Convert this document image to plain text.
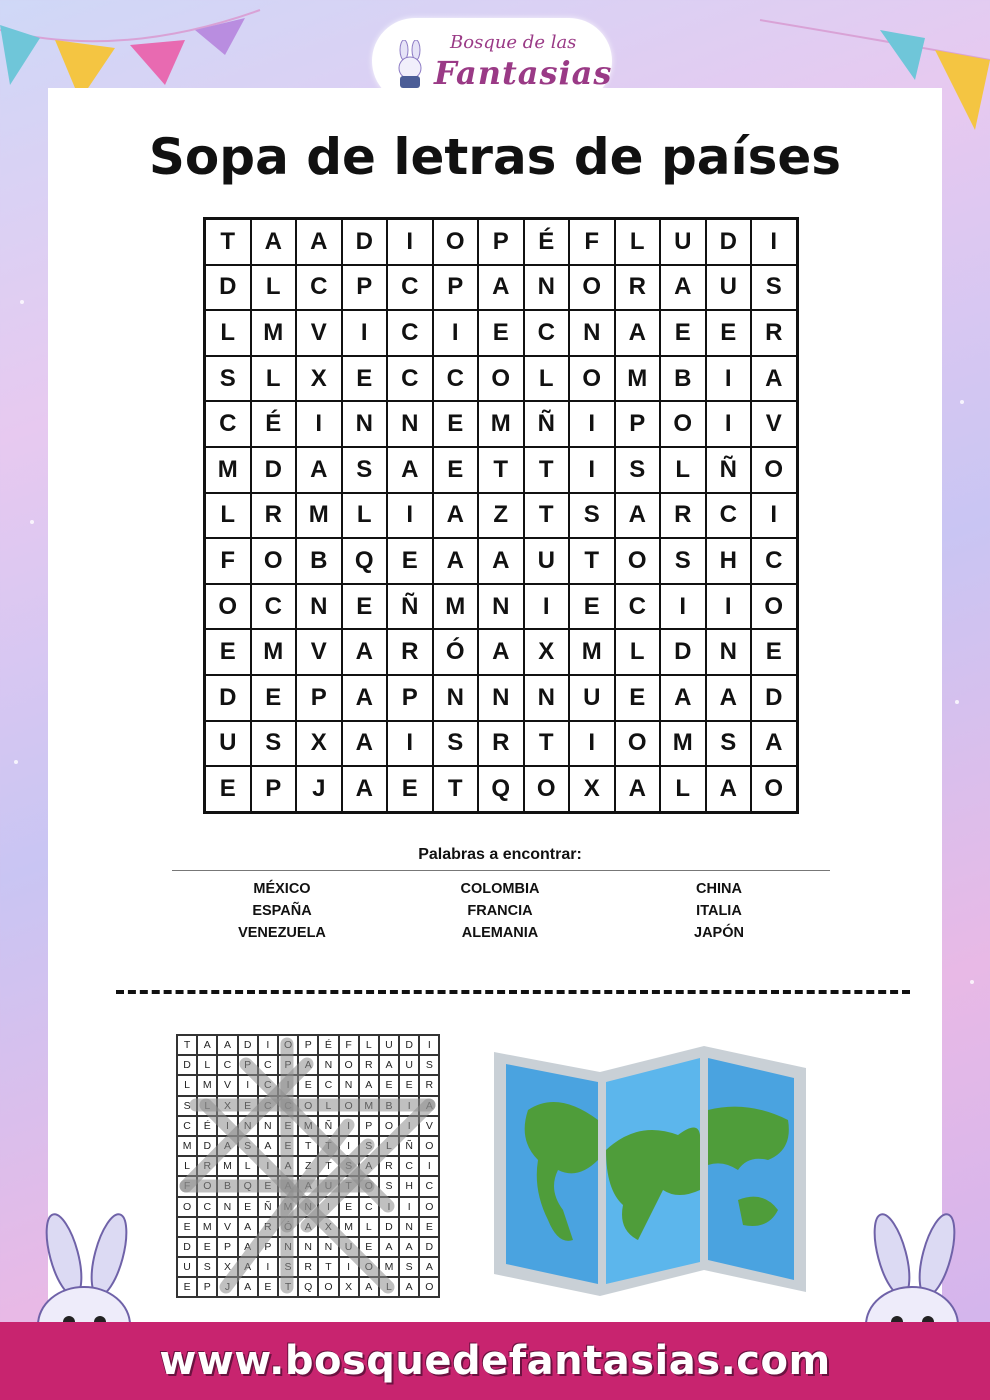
Bosque de las
Fantasias
Sopa de letras de países
T	A	A	D	I	O	P	É	F	L	U	D	I
D	L	C	P	C	P	A	N	O	R	A	U	S
L	M	V	I	C	I	E	C	N	A	E	E	R
S	L	X	E	C	C	O	L	O	M	B	I	A
C	É	I	N	N	E	M	Ñ	I	P	O	I	V
M	D	A	S	A	E	T	T	I	S	L	Ñ	O
L	R	M	L	I	A	Z	T	S	A	R	C	I
F	O	B	Q	E	A	A	U	T	O	S	H	C
O	C	N	E	Ñ	M	N	I	E	C	I	I	O
E	M	V	A	R	Ó	A	X	M	L	D	N	E
D	E	P	A	P	N	N	N	U	E	A	A	D
U	S	X	A	I	S	R	T	I	O	M	S	A
E	P	J	A	E	T	Q	O	X	A	L	A	O
Palabras a encontrar:
MÉXICO
ESPAÑA
VENEZUELA
COLOMBIA
FRANCIA
ALEMANIA
CHINA
ITALIA
JAPÓN
T	A	A	D	I	O	P	É	F	L	U	D	I
D	L	C	P	C	P	A	N	O	R	A	U	S
L	M	V	I	C	I	E	C	N	A	E	E	R
S	L	X	E	C	C	O	L	O	M	B	I	A
C	É	I	N	N	E	M	Ñ	I	P	O	I	V
M	D	A	S	A	E	T	T	I	S	L	Ñ	O
L	R	M	L	I	A	Z	T	S	A	R	C	I
F	O	B	Q	E	A	A	U	T	O	S	H	C
O	C	N	E	Ñ	M	N	I	E	C	I	I	O
E	M	V	A	R	Ó	A	X	M	L	D	N	E
D	E	P	A	P	N	N	N	U	E	A	A	D
U	S	X	A	I	S	R	T	I	O	M	S	A
E	P	J	A	E	T	Q	O	X	A	L	A	O
www.bosquedefantasias.com
